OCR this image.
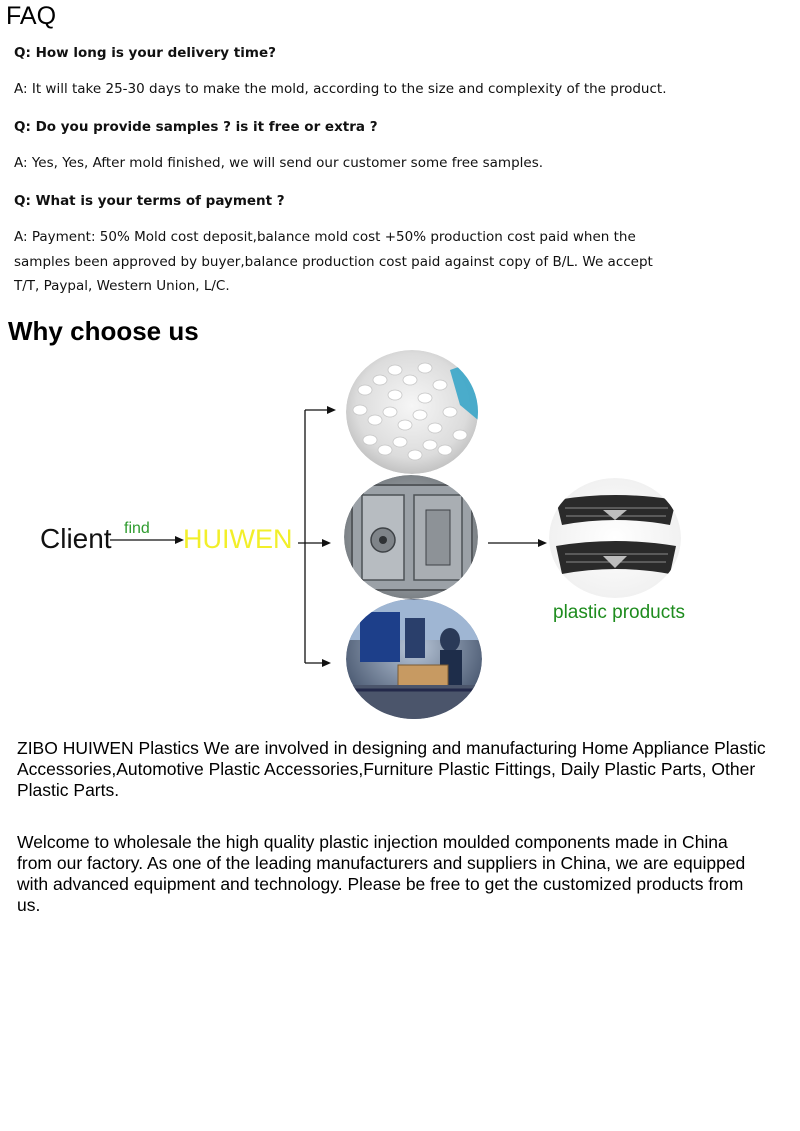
FAQ
Q: How long is your delivery time?
A: It will take 25-30 days to make the mold, according to the size and complexity of the product.
Q: Do you provide samples ? is it free or extra ?
A: Yes, Yes, After mold finished, we will send our customer some free samples.
Q: What is your terms of payment ?
A: Payment: 50% Mold cost deposit,balance mold cost +50% production cost paid when the samples been approved by buyer,balance production cost paid against copy of B/L. We accept T/T, Paypal, Western Union, L/C.
Why choose us
Client find HUIWEN
plastic products
ZIBO HUIWEN Plastics We are involved in designing and manufacturing Home Appliance Plastic Accessories,Automotive Plastic Accessories,Furniture Plastic Fittings, Daily Plastic Parts, Other Plastic Parts.
Welcome to wholesale the high quality plastic injection moulded components made in China from our factory. As one of the leading manufacturers and suppliers in China, we are equipped with advanced equipment and technology. Please be free to get the customized products from us.
